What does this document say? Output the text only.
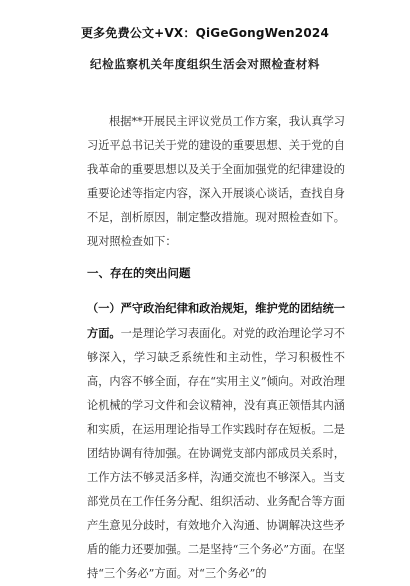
更多免费公文+VX：QiGeGongWen2024
纪检监察机关年度组织生活会对照检查材料
根据**开展民主评议党员工作方案，我认真学习习近平总书记关于党的建设的重要思想、关于党的自我革命的重要思想以及关于全面加强党的纪律建设的重要论述等指定内容，深入开展谈心谈话，查找自身不足，剖析原因，制定整改措施。现对照检查如下。现对照检查如下：
一、存在的突出问题
（一）严守政治纪律和政治规矩，维护党的团结统一方面。一是理论学习表面化。对党的政治理论学习不够深入，学习缺乏系统性和主动性，学习积极性不高，内容不够全面，存在“实用主义”倾向。对政治理论机械的学习文件和会议精神，没有真正领悟其内涵和实质，在运用理论指导工作实践时存在短板。二是团结协调有待加强。在协调党支部内部成员关系时，工作方法不够灵活多样，沟通交流也不够深入。当支部党员在工作任务分配、组织活动、业务配合等方面产生意见分歧时，有效地介入沟通、协调解决这些矛盾的能力还要加强。二是坚持“三个务必”方面。在坚持“三个务必”方面。对“三个务必”的
